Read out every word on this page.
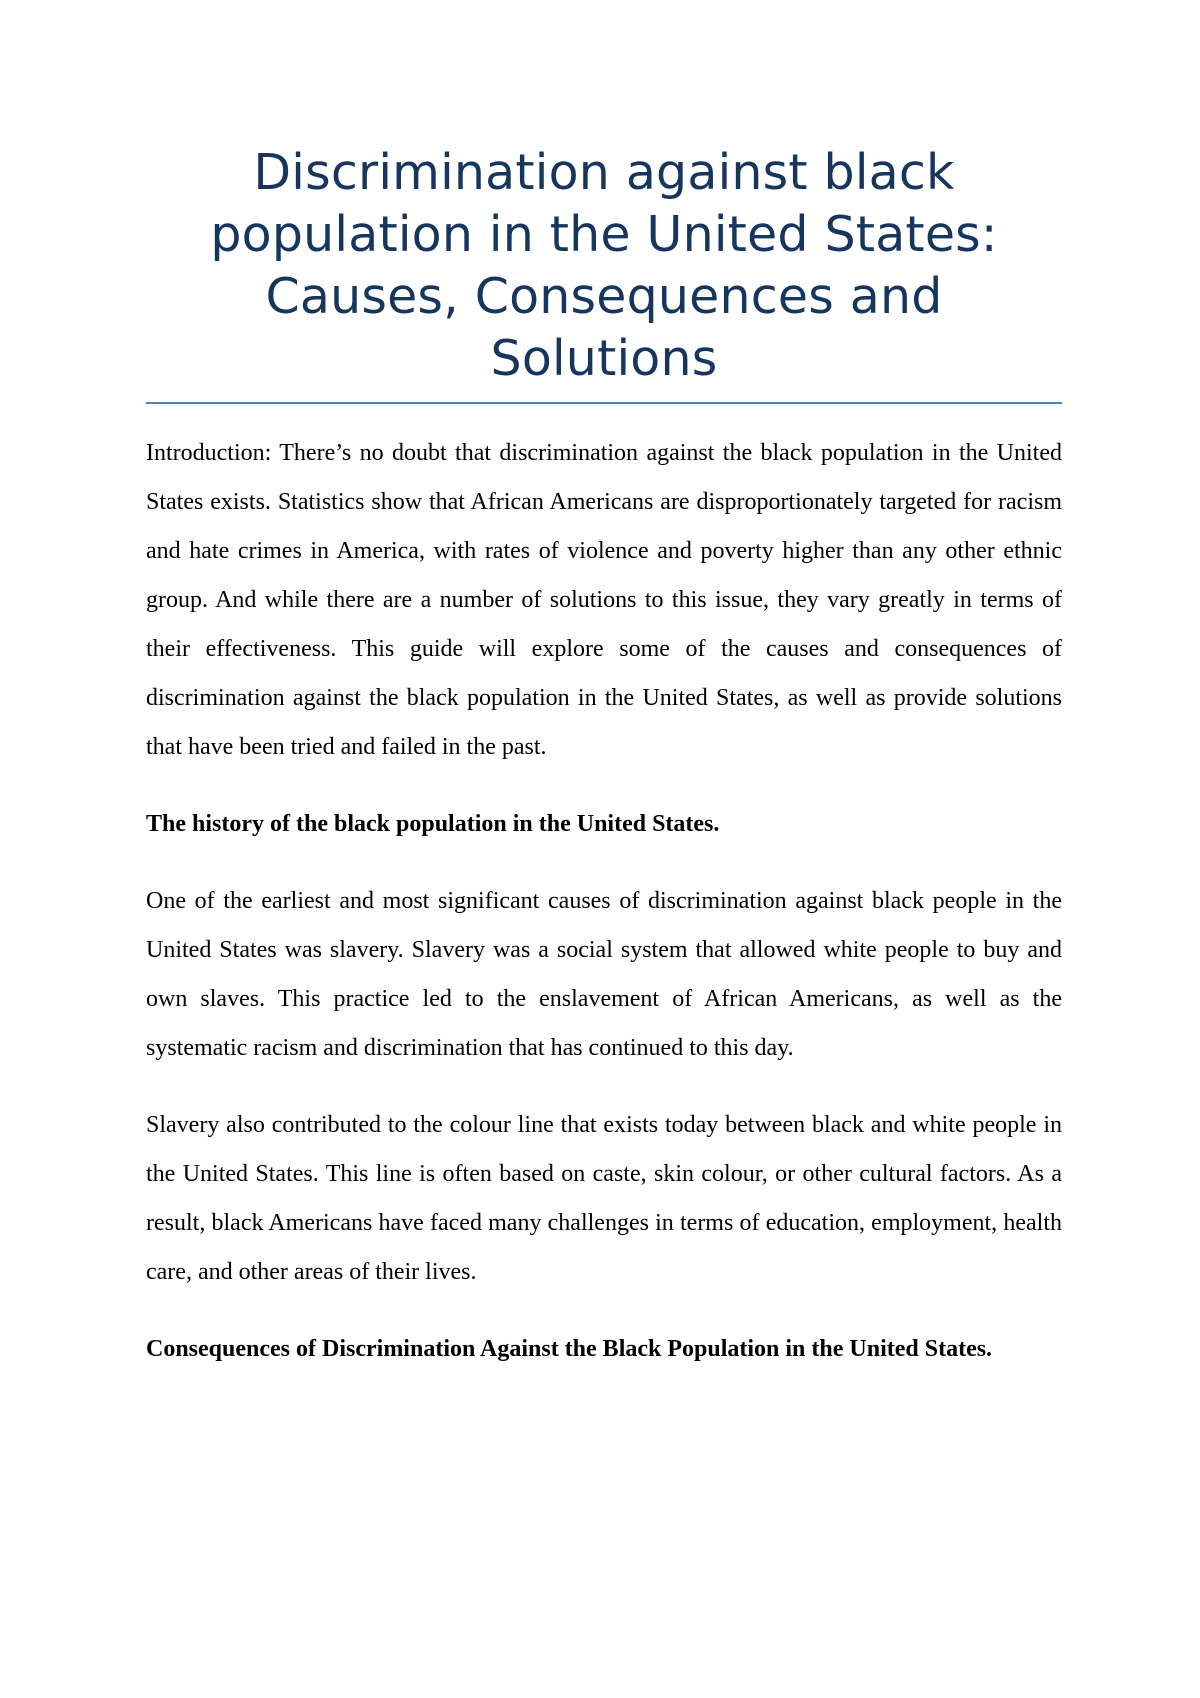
Discrimination against black population in the United States: Causes, Consequences and Solutions

Introduction: There’s no doubt that discrimination against the black population in the United States exists. Statistics show that African Americans are disproportionately targeted for racism and hate crimes in America, with rates of violence and poverty higher than any other ethnic group. And while there are a number of solutions to this issue, they vary greatly in terms of their effectiveness. This guide will explore some of the causes and consequences of discrimination against the black population in the United States, as well as provide solutions that have been tried and failed in the past.

The history of the black population in the United States.

One of the earliest and most significant causes of discrimination against black people in the United States was slavery. Slavery was a social system that allowed white people to buy and own slaves. This practice led to the enslavement of African Americans, as well as the systematic racism and discrimination that has continued to this day.

Slavery also contributed to the colour line that exists today between black and white people in the United States. This line is often based on caste, skin colour, or other cultural factors. As a result, black Americans have faced many challenges in terms of education, employment, health care, and other areas of their lives.

Consequences of Discrimination Against the Black Population in the United States.
